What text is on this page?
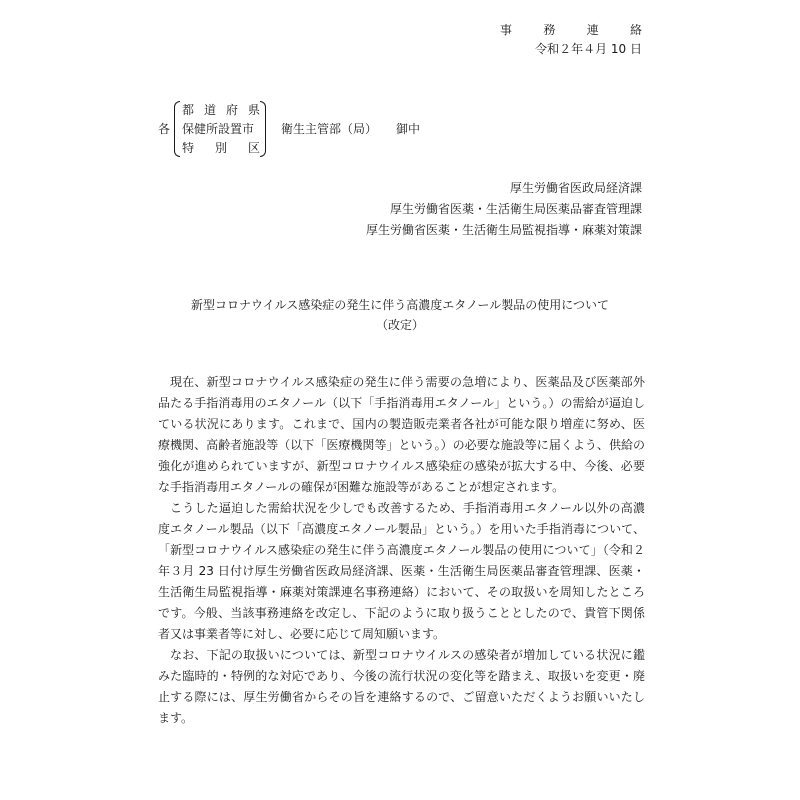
事	務	連	絡
令和２年４月 10 日
各
都 道 府 県
保健所設置市
特 別 区
衛生主管部（局） 御中
厚生労働省医政局経済課
厚生労働省医薬・生活衛生局医薬品審査管理課
厚生労働省医薬・生活衛生局監視指導・麻薬対策課
新型コロナウイルス感染症の発生に伴う高濃度エタノール製品の使用について
（改定）

現在、新型コロナウイルス感染症の発生に伴う需要の急増により、医薬品及び医薬部外品たる手指消毒用のエタノール（以下「手指消毒用エタノール」という。）の需給が逼迫している状況にあります。これまで、国内の製造販売業者各社が可能な限り増産に努め、医療機関、高齢者施設等（以下「医療機関等」という。）の必要な施設等に届くよう、供給の強化が進められていますが、新型コロナウイルス感染症の感染が拡大する中、今後、必要な手指消毒用エタノールの確保が困難な施設等があることが想定されます。

こうした逼迫した需給状況を少しでも改善するため、手指消毒用エタノール以外の高濃度エタノール製品（以下「高濃度エタノール製品」という。）を用いた手指消毒について、「新型コロナウイルス感染症の発生に伴う高濃度エタノール製品の使用について」（令和２年３月 23 日付け厚生労働省医政局経済課、医薬・生活衛生局医薬品審査管理課、医薬・生活衛生局監視指導・麻薬対策課連名事務連絡）において、その取扱いを周知したところです。今般、当該事務連絡を改定し、下記のように取り扱うこととしたので、貴管下関係者又は事業者等に対し、必要に応じて周知願います。

なお、下記の取扱いについては、新型コロナウイルスの感染者が増加している状況に鑑みた臨時的・特例的な対応であり、今後の流行状況の変化等を踏まえ、取扱いを変更・廃止する際には、厚生労働省からその旨を連絡するので、ご留意いただくようお願いいたします。
